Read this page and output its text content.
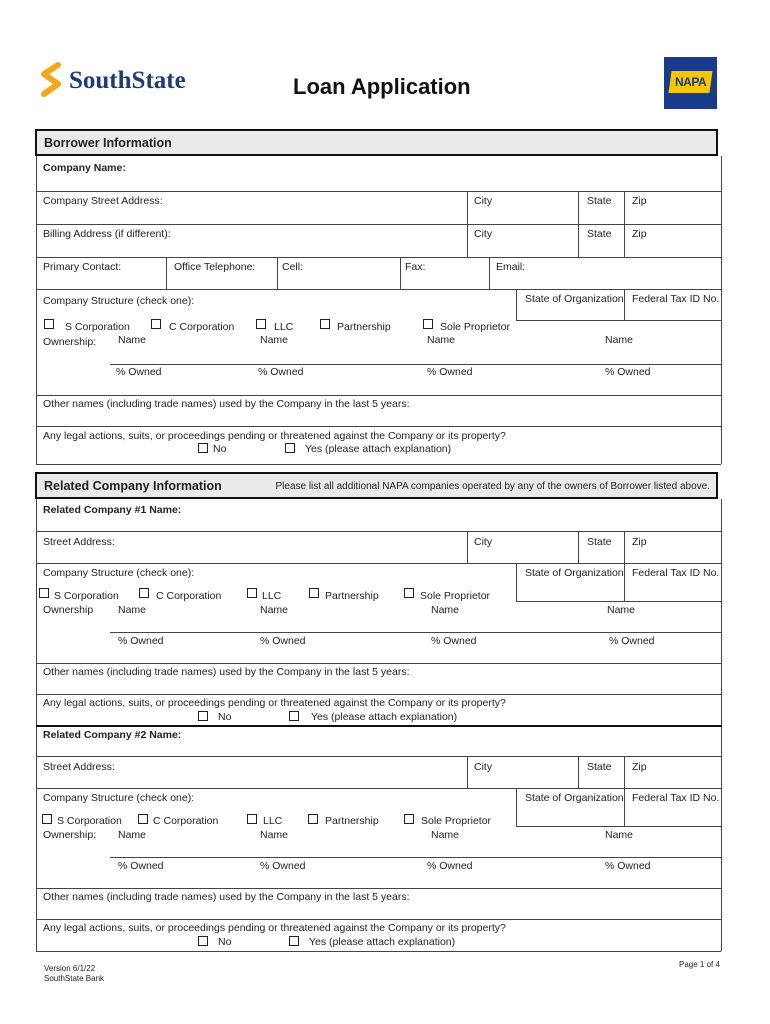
SouthState	Loan Application	NAPA
Borrower Information
Company Name:
Company Street Address:	City	State Zip
Billing Address (if different):	City	State Zip
Primary Contact:	Office Telephone:	Cell:	Fax:	Email:
Company Structure (check one):	State of Organization Federal Tax ID No.
S Corporation	C Corporation	LLC	Partnership	Sole Proprietor
Ownership: Name	Name	Name	Name
% Owned	% Owned	% Owned	% Owned
Other names (including trade names) used by the Company in the last 5 years:
Any legal actions, suits, or proceedings pending or threatened against the Company or its property?
No	Yes (please attach explanation)
Related Company Information	Please list all additional NAPA companies operated by any of the owners of Borrower listed above.
Related Company #1 Name:
Street Address:	City	State Zip
Company Structure (check one):	State of Organization Federal Tax ID No.
S Corporation	C Corporation	LLC	Partnership	Sole Proprietor
Ownership Name	Name	Name	Name
% Owned	% Owned	% Owned	% Owned
Other names (including trade names) used by the Company in the last 5 years:
Any legal actions, suits, or proceedings pending or threatened against the Company or its property?
No	Yes (please attach explanation)
Related Company #2 Name:
Street Address:	City	State Zip
Company Structure (check one):	State of Organization Federal Tax ID No.
S Corporation	C Corporation	LLC	Partnership	Sole Proprietor
Ownership: Name	Name	Name	Name
% Owned	% Owned	% Owned	% Owned
Other names (including trade names) used by the Company in the last 5 years:
Any legal actions, suits, or proceedings pending or threatened against the Company or its property?
No	Yes (please attach explanation)
Version 6/1/22
SouthState Bank
Page 1 of 4
